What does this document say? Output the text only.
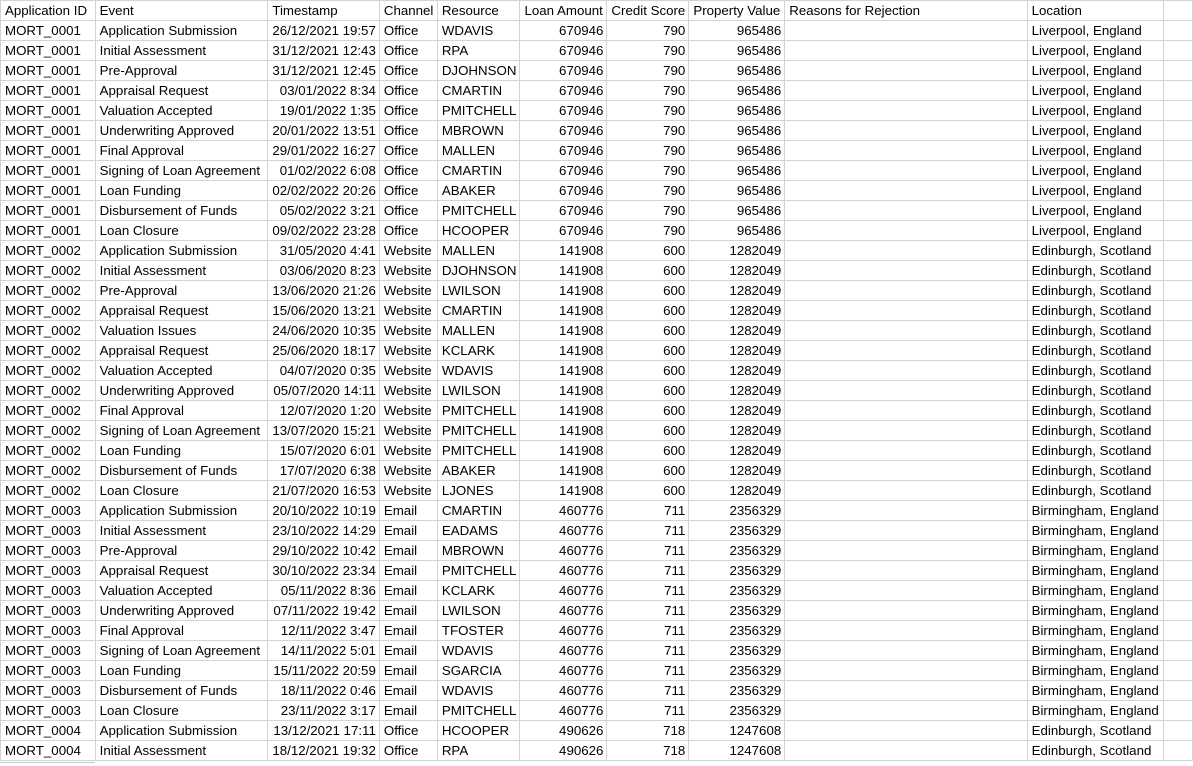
Application ID	Event	Timestamp	Channel	Resource	Loan Amount	Credit Score	Property Value	Reasons for Rejection	Location	
MORT_0001	Application Submission	26/12/2021 19:57	Office	WDAVIS	670946	790	965486		Liverpool, England	
MORT_0001	Initial Assessment	31/12/2021 12:43	Office	RPA	670946	790	965486		Liverpool, England	
MORT_0001	Pre-Approval	31/12/2021 12:45	Office	DJOHNSON	670946	790	965486		Liverpool, England	
MORT_0001	Appraisal Request	03/01/2022 8:34	Office	CMARTIN	670946	790	965486		Liverpool, England	
MORT_0001	Valuation Accepted	19/01/2022 1:35	Office	PMITCHELL	670946	790	965486		Liverpool, England	
MORT_0001	Underwriting Approved	20/01/2022 13:51	Office	MBROWN	670946	790	965486		Liverpool, England	
MORT_0001	Final Approval	29/01/2022 16:27	Office	MALLEN	670946	790	965486		Liverpool, England	
MORT_0001	Signing of Loan Agreement	01/02/2022 6:08	Office	CMARTIN	670946	790	965486		Liverpool, England	
MORT_0001	Loan Funding	02/02/2022 20:26	Office	ABAKER	670946	790	965486		Liverpool, England	
MORT_0001	Disbursement of Funds	05/02/2022 3:21	Office	PMITCHELL	670946	790	965486		Liverpool, England	
MORT_0001	Loan Closure	09/02/2022 23:28	Office	HCOOPER	670946	790	965486		Liverpool, England	
MORT_0002	Application Submission	31/05/2020 4:41	Website	MALLEN	141908	600	1282049		Edinburgh, Scotland	
MORT_0002	Initial Assessment	03/06/2020 8:23	Website	DJOHNSON	141908	600	1282049		Edinburgh, Scotland	
MORT_0002	Pre-Approval	13/06/2020 21:26	Website	LWILSON	141908	600	1282049		Edinburgh, Scotland	
MORT_0002	Appraisal Request	15/06/2020 13:21	Website	CMARTIN	141908	600	1282049		Edinburgh, Scotland	
MORT_0002	Valuation Issues	24/06/2020 10:35	Website	MALLEN	141908	600	1282049		Edinburgh, Scotland	
MORT_0002	Appraisal Request	25/06/2020 18:17	Website	KCLARK	141908	600	1282049		Edinburgh, Scotland	
MORT_0002	Valuation Accepted	04/07/2020 0:35	Website	WDAVIS	141908	600	1282049		Edinburgh, Scotland	
MORT_0002	Underwriting Approved	05/07/2020 14:11	Website	LWILSON	141908	600	1282049		Edinburgh, Scotland	
MORT_0002	Final Approval	12/07/2020 1:20	Website	PMITCHELL	141908	600	1282049		Edinburgh, Scotland	
MORT_0002	Signing of Loan Agreement	13/07/2020 15:21	Website	PMITCHELL	141908	600	1282049		Edinburgh, Scotland	
MORT_0002	Loan Funding	15/07/2020 6:01	Website	PMITCHELL	141908	600	1282049		Edinburgh, Scotland	
MORT_0002	Disbursement of Funds	17/07/2020 6:38	Website	ABAKER	141908	600	1282049		Edinburgh, Scotland	
MORT_0002	Loan Closure	21/07/2020 16:53	Website	LJONES	141908	600	1282049		Edinburgh, Scotland	
MORT_0003	Application Submission	20/10/2022 10:19	Email	CMARTIN	460776	711	2356329		Birmingham, England	
MORT_0003	Initial Assessment	23/10/2022 14:29	Email	EADAMS	460776	711	2356329		Birmingham, England	
MORT_0003	Pre-Approval	29/10/2022 10:42	Email	MBROWN	460776	711	2356329		Birmingham, England	
MORT_0003	Appraisal Request	30/10/2022 23:34	Email	PMITCHELL	460776	711	2356329		Birmingham, England	
MORT_0003	Valuation Accepted	05/11/2022 8:36	Email	KCLARK	460776	711	2356329		Birmingham, England	
MORT_0003	Underwriting Approved	07/11/2022 19:42	Email	LWILSON	460776	711	2356329		Birmingham, England	
MORT_0003	Final Approval	12/11/2022 3:47	Email	TFOSTER	460776	711	2356329		Birmingham, England	
MORT_0003	Signing of Loan Agreement	14/11/2022 5:01	Email	WDAVIS	460776	711	2356329		Birmingham, England	
MORT_0003	Loan Funding	15/11/2022 20:59	Email	SGARCIA	460776	711	2356329		Birmingham, England	
MORT_0003	Disbursement of Funds	18/11/2022 0:46	Email	WDAVIS	460776	711	2356329		Birmingham, England	
MORT_0003	Loan Closure	23/11/2022 3:17	Email	PMITCHELL	460776	711	2356329		Birmingham, England	
MORT_0004	Application Submission	13/12/2021 17:11	Office	HCOOPER	490626	718	1247608		Edinburgh, Scotland	
MORT_0004	Initial Assessment	18/12/2021 19:32	Office	RPA	490626	718	1247608		Edinburgh, Scotland	
